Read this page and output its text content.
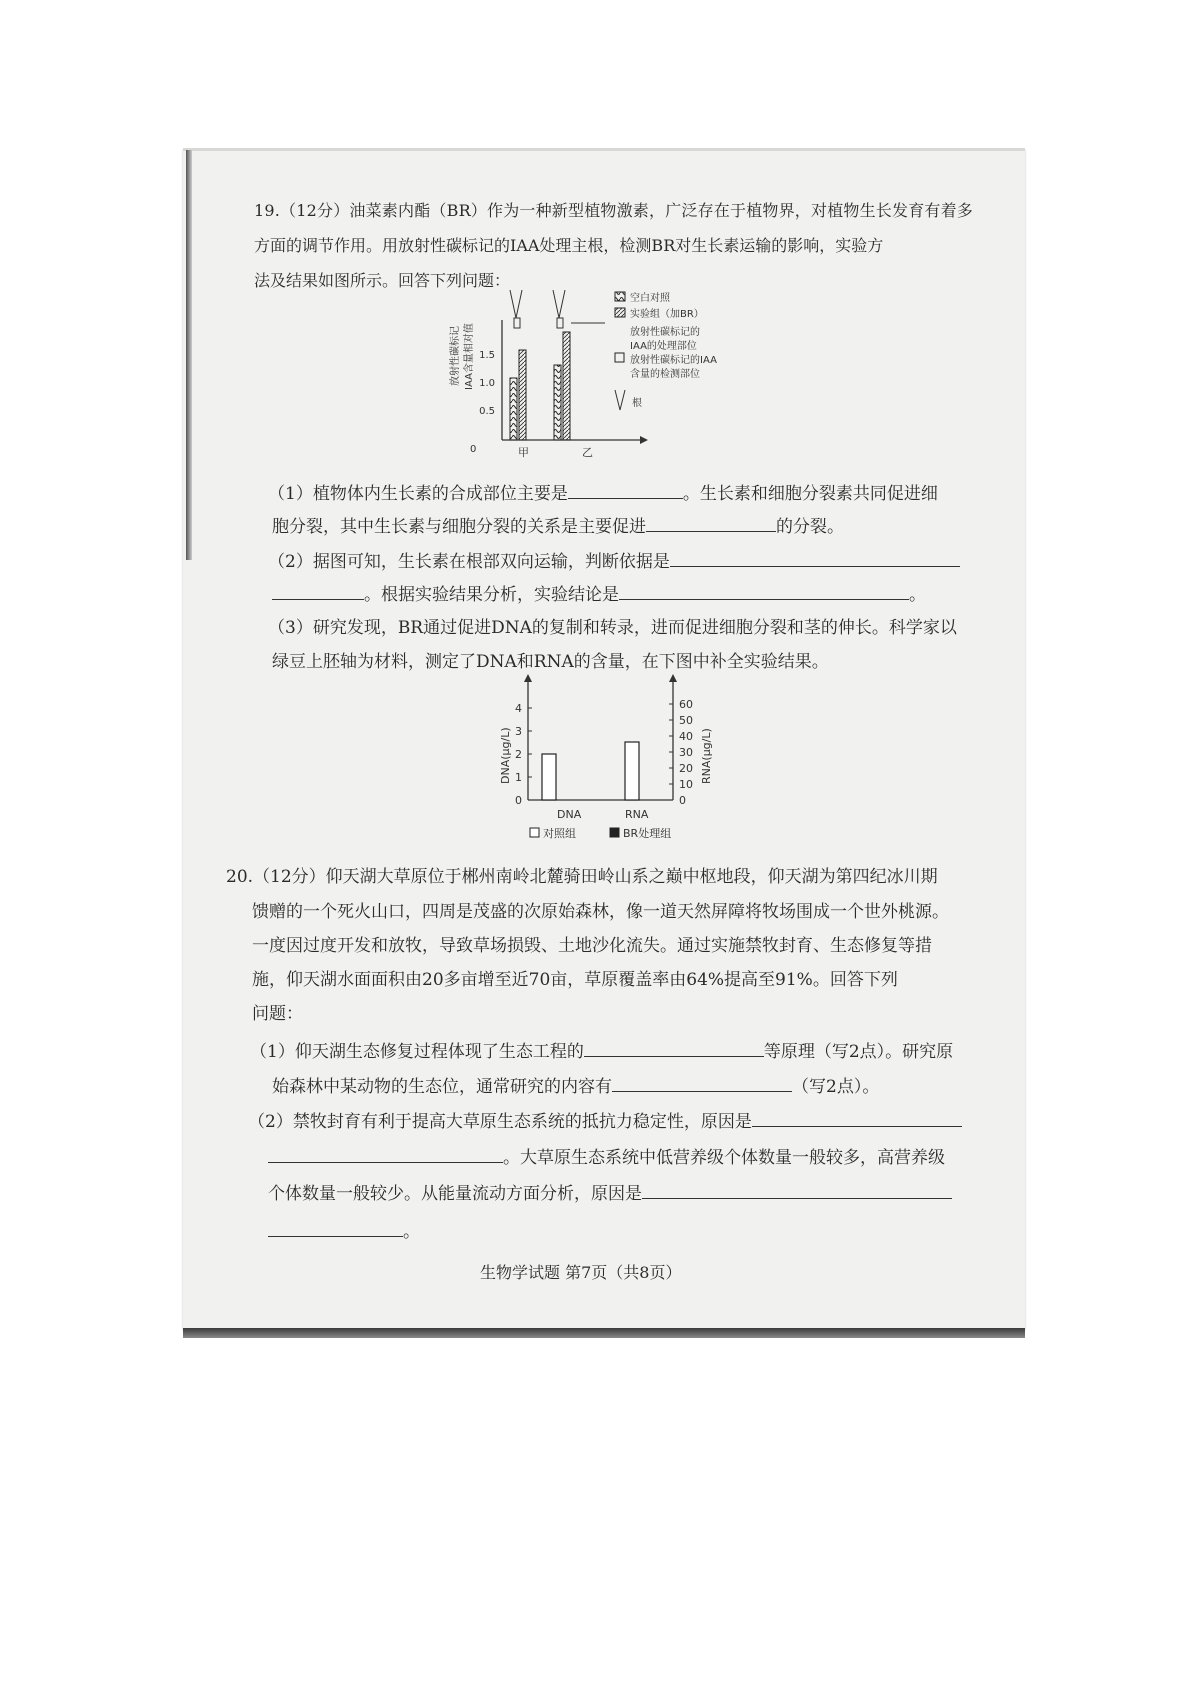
19.（12分）油菜素内酯（BR）作为一种新型植物激素，广泛存在于植物界，对植物生长发育有着多
方面的调节作用。用放射性碳标记的IAA处理主根，检测BR对生长素运输的影响，实验方
法及结果如图所示。回答下列问题：
放射性碳标记 IAA含量相对值
0.5
1.0
1.5
0	甲	乙
空白对照
实验组（加BR）
放射性碳标记的
IAA的处理部位
放射性碳标记的IAA
含量的检测部位
根
（1）植物体内生长素的合成部位主要是	。生长素和细胞分裂素共同促进细
胞分裂，其中生长素与细胞分裂的关系是主要促进	的分裂。
（2）据图可知，生长素在根部双向运输，判断依据是
。根据实验结果分析，实验结论是	。
（3）研究发现，BR通过促进DNA的复制和转录，进而促进细胞分裂和茎的伸长。科学家以
绿豆上胚轴为材料，测定了DNA和RNA的含量，在下图中补全实验结果。
DNA(μg/L)	RNA(μg/L)
0
1
2
3
4
0
10
20
30
40
50
60
DNA	RNA
对照组	BR处理组
20.（12分）仰天湖大草原位于郴州南岭北麓骑田岭山系之巅中枢地段，仰天湖为第四纪冰川期
馈赠的一个死火山口，四周是茂盛的次原始森林，像一道天然屏障将牧场围成一个世外桃源。
一度因过度开发和放牧，导致草场损毁、土地沙化流失。通过实施禁牧封育、生态修复等措
施，仰天湖水面面积由20多亩增至近70亩，草原覆盖率由64%提高至91%。回答下列
问题：
（1）仰天湖生态修复过程体现了生态工程的	等原理（写2点）。研究原
始森林中某动物的生态位，通常研究的内容有	（写2点）。
（2）禁牧封育有利于提高大草原生态系统的抵抗力稳定性，原因是
。大草原生态系统中低营养级个体数量一般较多，高营养级
个体数量一般较少。从能量流动方面分析，原因是
。
生物学试题 第7页（共8页）
